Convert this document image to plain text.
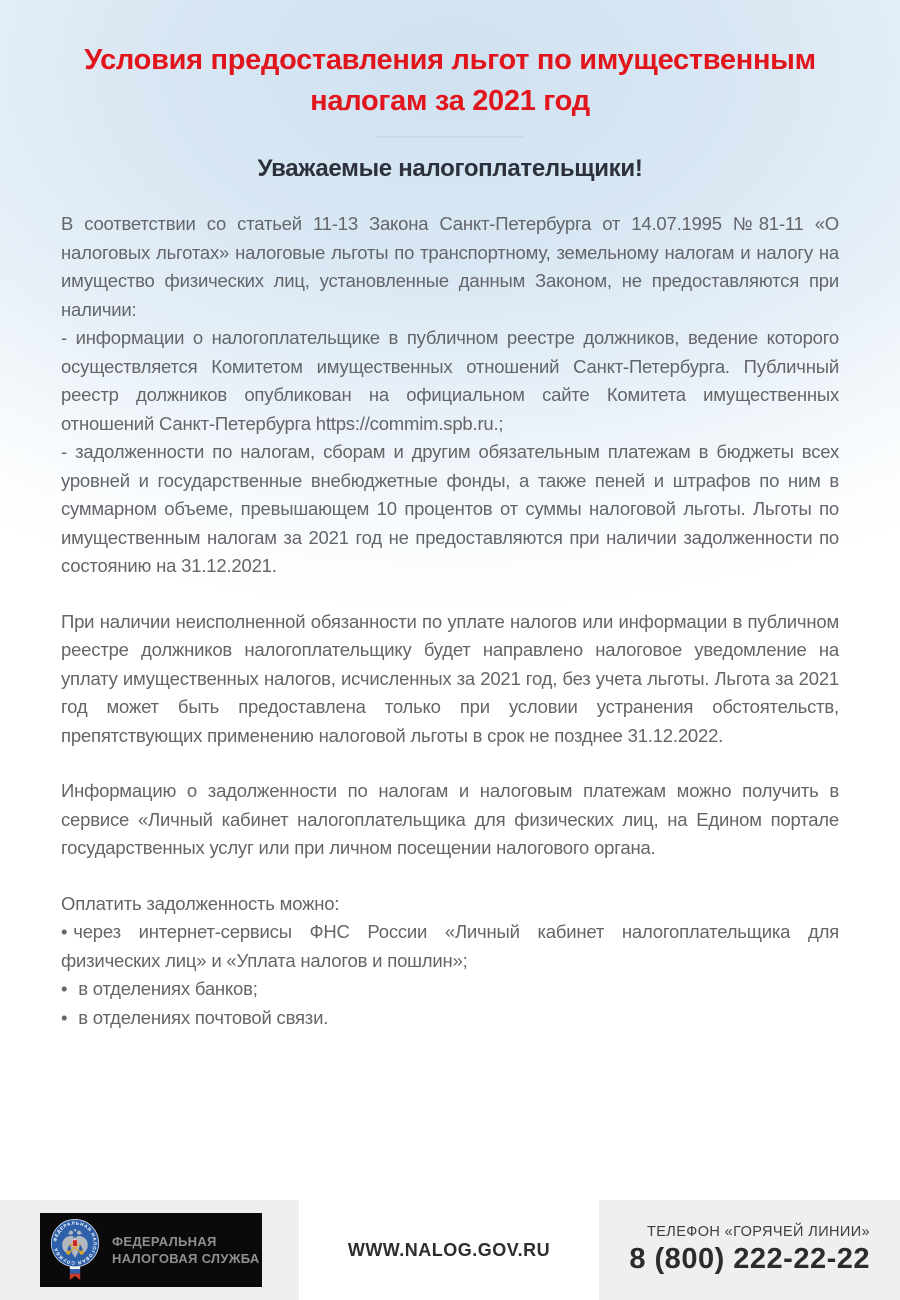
Условия предоставления льгот по имущественным
налогам за 2021 год
Уважаемые налогоплательщики!

В соответствии со статьей 11-13 Закона Санкт-Петербурга от 14.07.1995 №81-11 «О налоговых льготах» налоговые льготы по транспортному, земельному налогам и налогу на имущество физических лиц, установленные данным Законом, не предоставляются при наличии:

- информации о налогоплательщике в публичном реестре должников, ведение которого осуществляется Комитетом имущественных отношений Санкт-Петербурга. Публичный реестр должников опубликован на официальном сайте Комитета имущественных отношений Санкт-Петербурга https://commim.spb.ru.;

- задолженности по налогам, сборам и другим обязательным платежам в бюджеты всех уровней и государственные внебюджетные фонды, а также пеней и штрафов по ним в суммарном объеме, превышающем 10 процентов от суммы налоговой льготы. Льготы по имущественным налогам за 2021 год не предоставляются при наличии задолженности по состоянию на 31.12.2021.

При наличии неисполненной обязанности по уплате налогов или информации в публичном реестре должников налогоплательщику будет направлено налоговое уведомление на уплату имущественных налогов, исчисленных за 2021 год, без учета льготы. Льгота за 2021 год может быть предоставлена только при условии устранения обстоятельств, препятствующих применению налоговой льготы в срок не позднее 31.12.2022.

Информацию о задолженности по налогам и налоговым платежам можно получить в сервисе «Личный кабинет налогоплательщика для физических лиц, на Едином портале государственных услуг или при личном посещении налогового органа.

Оплатить задолженность можно:

• через интернет-сервисы ФНС России «Личный кабинет налогоплательщика для физических лиц» и «Уплата налогов и пошлин»;

• в отделениях банков;

• в отделениях почтовой связи.

ФЕДЕРАЛЬНАЯ НАЛОГОВАЯ СЛУЖБА
ФЕДЕРАЛЬНАЯ
НАЛОГОВАЯ СЛУЖБА	WWW.NALOG.GOV.RU
ТЕЛЕФОН «ГОРЯЧЕЙ ЛИНИИ»
8 (800) 222-22-22
